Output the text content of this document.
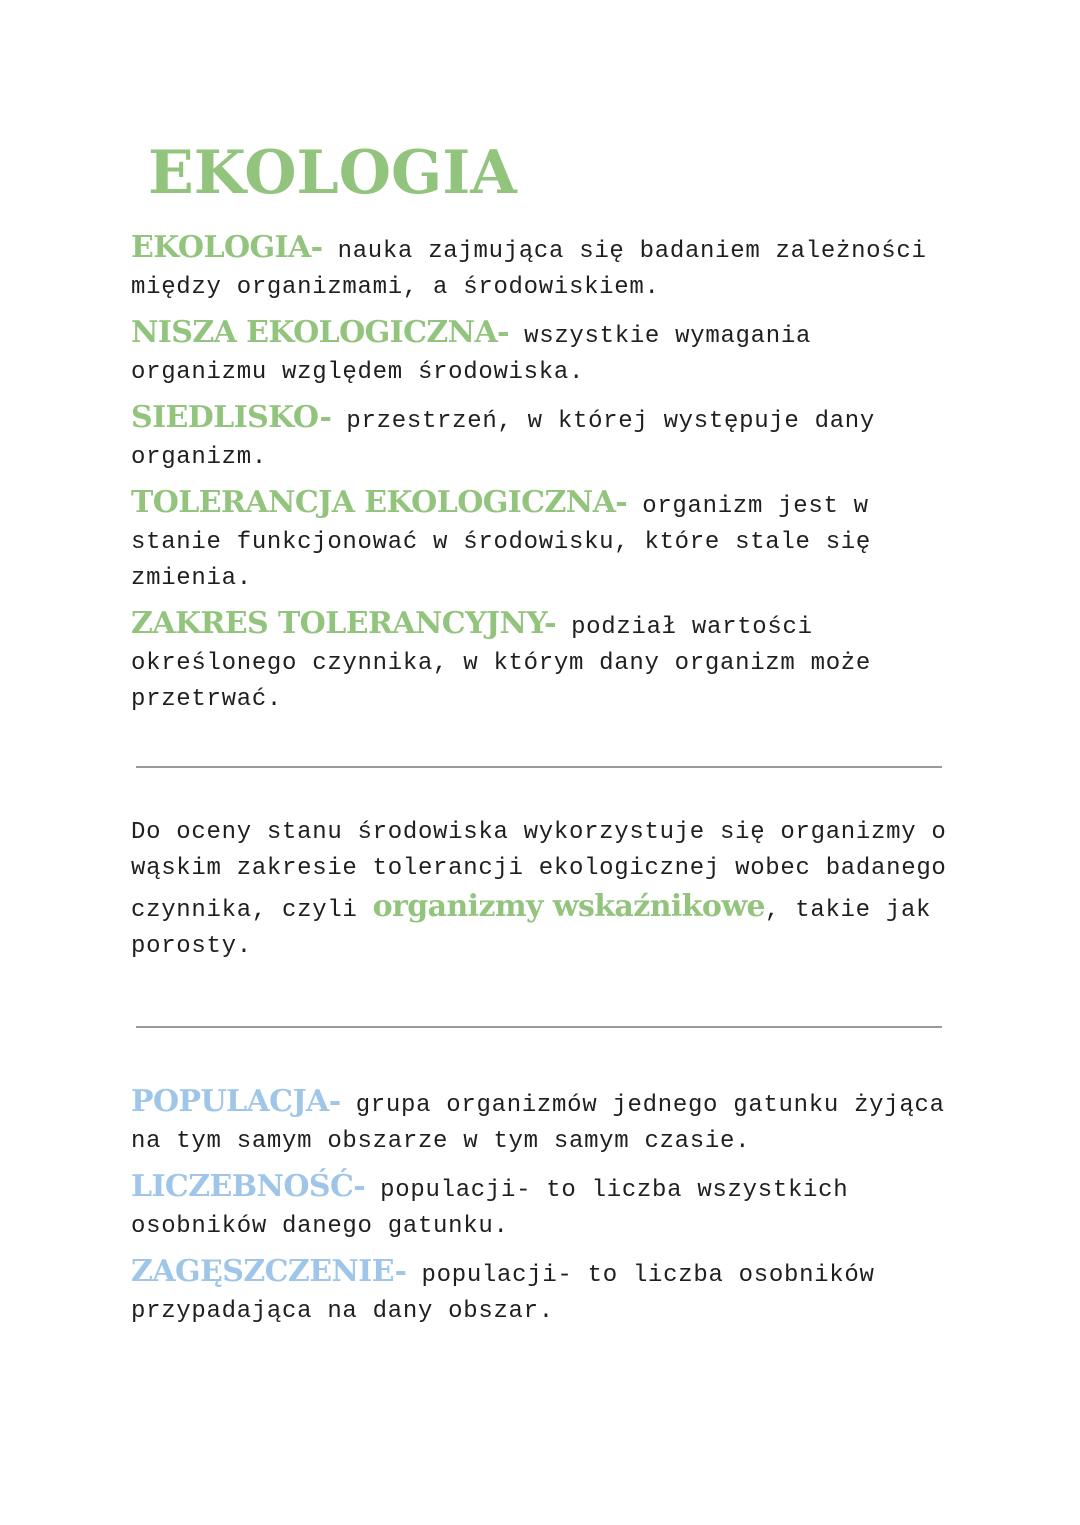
EKOLOGIA

EKOLOGIA- nauka zajmująca się badaniem zależności między organizmami, a środowiskiem.

NISZA EKOLOGICZNA- wszystkie wymagania organizmu względem środowiska.

SIEDLISKO- przestrzeń, w której występuje dany organizm.

TOLERANCJA EKOLOGICZNA- organizm jest w stanie funkcjonować w środowisku, które stale się zmienia.

ZAKRES TOLERANCYJNY- podział wartości określonego czynnika, w którym dany organizm może przetrwać.

Do oceny stanu środowiska wykorzystuje się organizmy o wąskim zakresie tolerancji ekologicznej wobec badanego czynnika, czyli organizmy wskaźnikowe, takie jak porosty.

POPULACJA- grupa organizmów jednego gatunku żyjąca na tym samym obszarze w tym samym czasie.

LICZEBNOŚĆ- populacji- to liczba wszystkich osobników danego gatunku.

ZAGĘSZCZENIE- populacji- to liczba osobników przypadająca na dany obszar.
